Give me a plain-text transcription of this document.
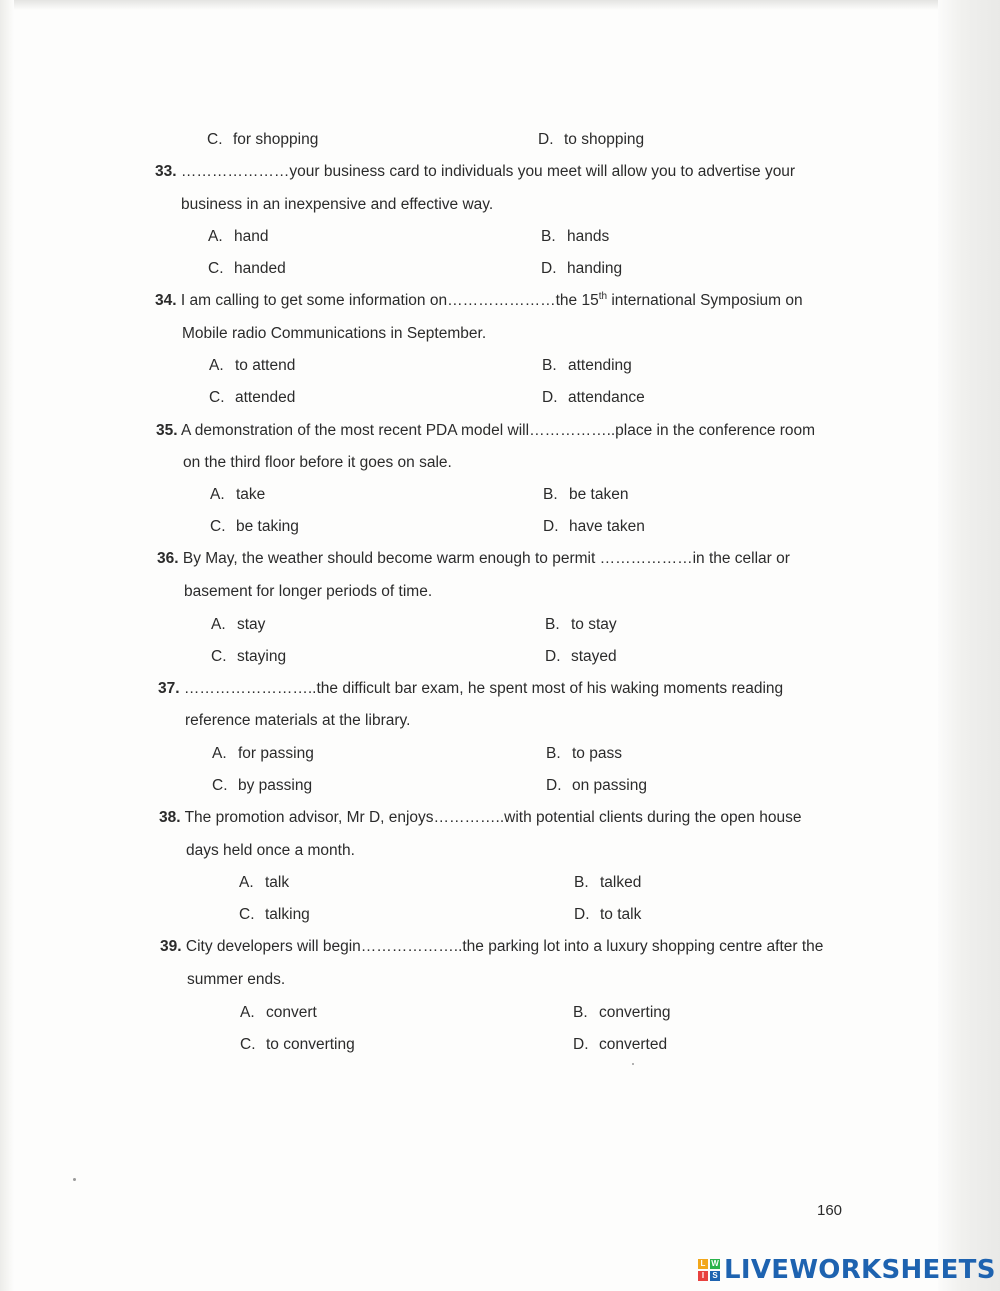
C. for shopping	D. to shopping
33. …………………your business card to individuals you meet will allow you to advertise your
business in an inexpensive and effective way.
A. hand	B. hands
C. handed	D. handing
34. I am calling to get some information on…………………the 15th international Symposium on
Mobile radio Communications in September.
A. to attend	B. attending
C. attended	D. attendance
35. A demonstration of the most recent PDA model will……………..place in the conference room
on the third floor before it goes on sale.
A. take	B. be taken
C. be taking	D. have taken
36. By May, the weather should become warm enough to permit ………………in the cellar or
basement for longer periods of time.
A. stay	B. to stay
C. staying	D. stayed
37. ……………………..the difficult bar exam, he spent most of his waking moments reading
reference materials at the library.
A. for passing	B. to pass
C. by passing	D. on passing
38. The promotion advisor, Mr D, enjoys…………..with potential clients during the open house
days held once a month.
A. talk	B. talked
C. talking	D. to talk
39. City developers will begin………………..the parking lot into a luxury shopping centre after the
summer ends.
A. convert	B. converting
C. to converting	D. converted
160
L W
I	S LIVEWORKSHEETS
